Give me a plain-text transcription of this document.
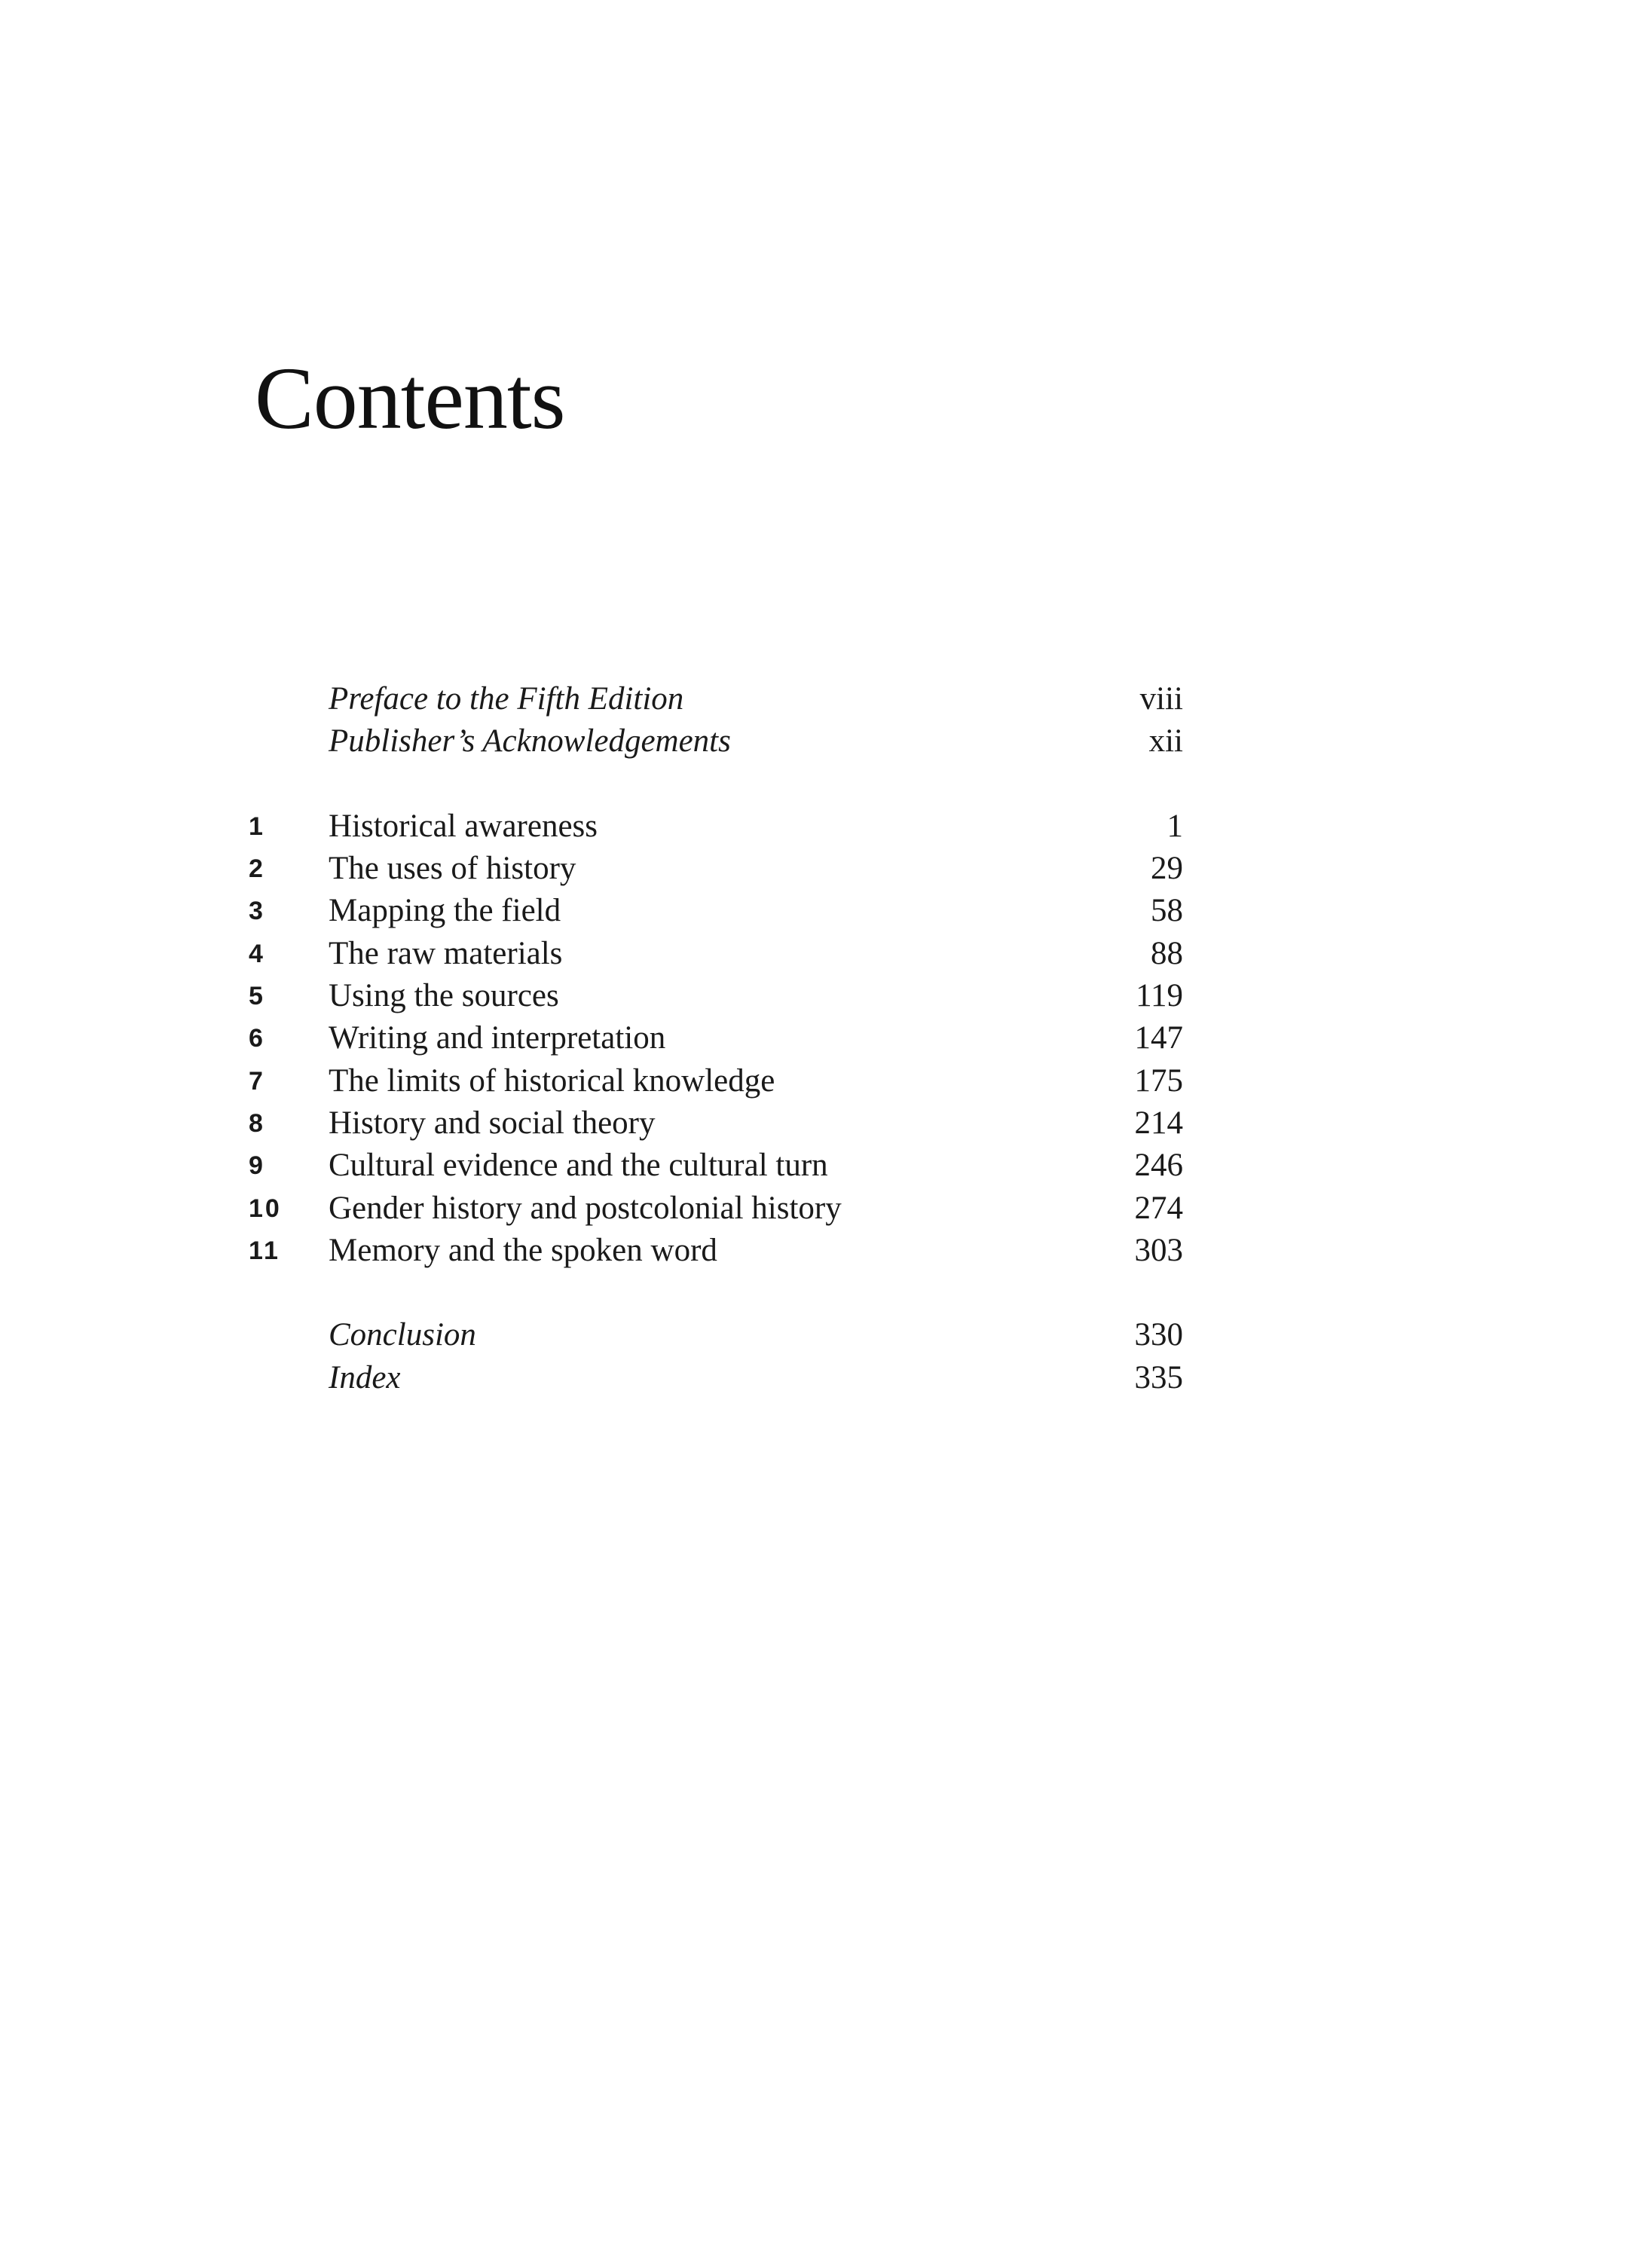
Contents
Preface to the Fifth Edition	viii
Publisher’s Acknowledgements	xii
1	Historical awareness	1
2	The uses of history	29
3	Mapping the field	58
4	The raw materials	88
5	Using the sources	119
6	Writing and interpretation	147
7	The limits of historical knowledge	175
8	History and social theory	214
9	Cultural evidence and the cultural turn	246
10 Gender history and postcolonial history	274
11 Memory and the spoken word	303
Conclusion	330
Index	335
